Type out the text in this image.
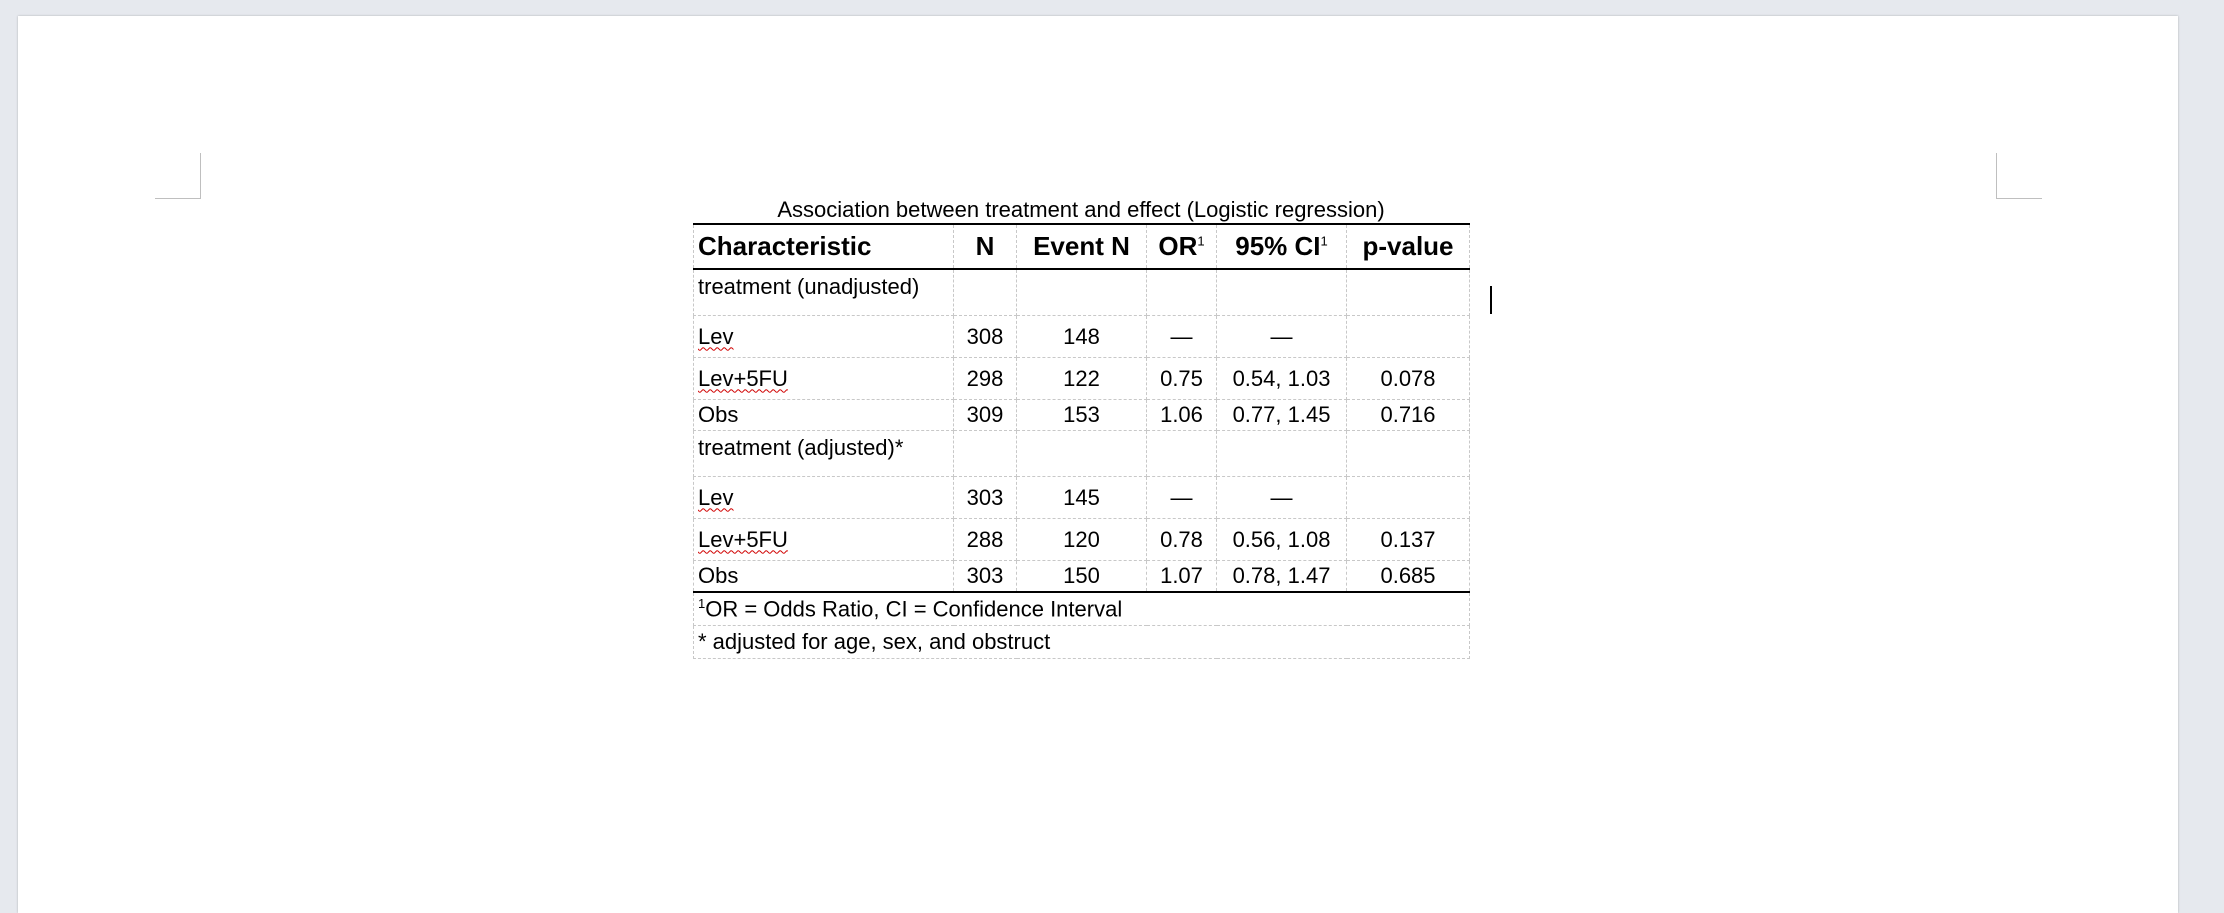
Association between treatment and effect (Logistic regression)
Characteristic	N	Event N	$OR^1$	95% $CI^1$	p-value
treatment (unadjusted)					
Lev	308	148	—	—	
Lev+5FU	298	122	0.75	0.54, 1.03	0.078
Obs	309	153	1.06	0.77, 1.45	0.716
treatment (adjusted)*					
Lev	303	145	—	—	
Lev+5FU	288	120	0.78	0.56, 1.08	0.137
Obs	303	150	1.07	0.78, 1.47	0.685
$^1$OR = Odds Ratio, CI = Confidence Interval					
* adjusted for age, sex, and obstruct					
